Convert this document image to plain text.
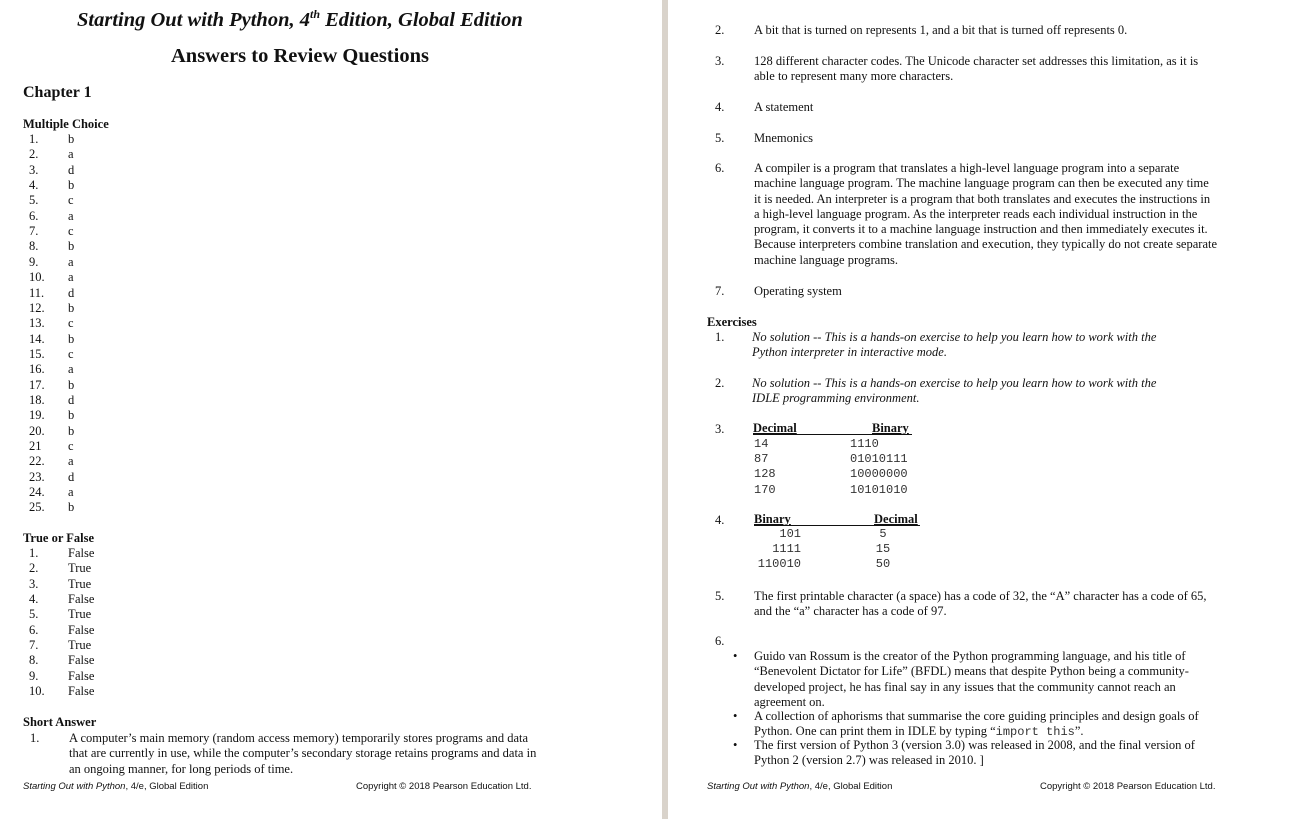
Starting Out with Python, 4th Edition, Global Edition
Answers to Review Questions
Chapter 1
Multiple Choice
1. b
2. a
3. d
4. b
5. c
6. a
7. c
8. b
9. a
10. a
11. d
12. b
13. c
14. b
15. c
16. a
17. b
18. d
19. b
20. b
21 c
22. a
23. d
24. a
25. b
True or False
1. False
2. True
3. True
4. False
5. True
6. False
7. True
8. False
9. False
10. False
Short Answer
1. A computer’s main memory (random access memory) temporarily stores programs and data
that are currently in use, while the computer’s secondary storage retains programs and data in
an ongoing manner, for long periods of time.
Starting Out with Python, 4/e, Global Edition	Copyright © 2018 Pearson Education Ltd.
2. A bit that is turned on represents 1, and a bit that is turned off represents 0.
3. 128 different character codes. The Unicode character set addresses this limitation, as it is
able to represent many more characters.
4. A statement
5. Mnemonics
6. A compiler is a program that translates a high-level language program into a separate
machine language program. The machine language program can then be executed any time
it is needed. An interpreter is a program that both translates and executes the instructions in
a high-level language program. As the interpreter reads each individual instruction in the
program, it converts it to a machine language instruction and then immediately executes it.
Because interpreters combine translation and execution, they typically do not create separate
machine language programs.
7. Operating system
Exercises
1. No solution -- This is a hands-on exercise to help you learn how to work with the
Python interpreter in interactive mode.
2. No solution -- This is a hands-on exercise to help you learn how to work with the
IDLE programming environment.
3. Decimal	Binary
14	1110
87	01010111
128	10000000
170	10101010
4. Binary	Decimal
101	5
1111	15
110010	50
5. The first printable character (a space) has a code of 32, the “A” character has a code of 65,
and the “a” character has a code of 97.
6.
• Guido van Rossum is the creator of the Python programming language, and his title of
“Benevolent Dictator for Life” (BFDL) means that despite Python being a community-
developed project, he has final say in any issues that the community cannot reach an
agreement on.
• A collection of aphorisms that summarise the core guiding principles and design goals of
Python. One can print them in IDLE by typing “import this”.
• The first version of Python 3 (version 3.0) was released in 2008, and the final version of
Python 2 (version 2.7) was released in 2010. ]
Starting Out with Python, 4/e, Global Edition	Copyright © 2018 Pearson Education Ltd.
